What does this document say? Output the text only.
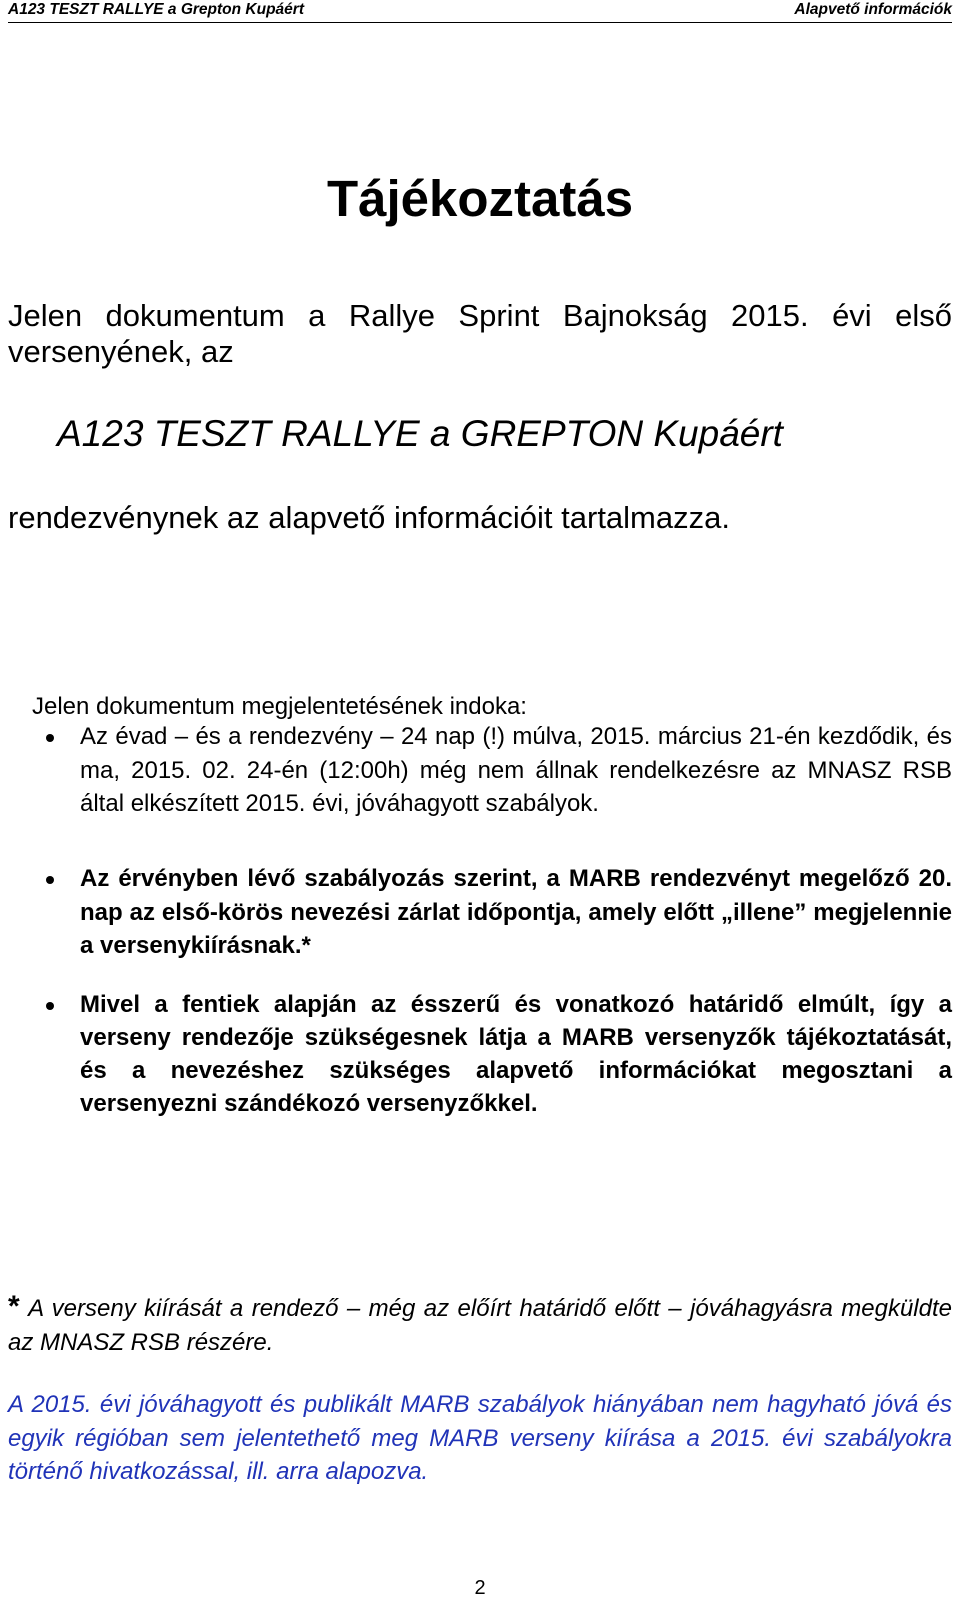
A123 TESZT RALLYE a Grepton Kupáért	Alapvető információk
Tájékoztatás
Jelen dokumentum a Rallye Sprint Bajnokság 2015. évi első versenyének, az
A123 TESZT RALLYE a GREPTON Kupáért
rendezvénynek az alapvető információit tartalmazza.
Jelen dokumentum megjelentetésének indoka:
Az évad – és a rendezvény – 24 nap (!) múlva, 2015. március 21-én kezdődik, és ma, 2015. 02. 24-én (12:00h) még nem állnak rendelkezésre az MNASZ RSB által elkészített 2015. évi, jóváhagyott szabályok.
Az érvényben lévő szabályozás szerint, a MARB rendezvényt megelőző 20. nap az első-körös nevezési zárlat időpontja, amely előtt „illene” megjelennie a versenykiírásnak.*
Mivel a fentiek alapján az ésszerű és vonatkozó határidő elmúlt, így a verseny rendezője szükségesnek látja a MARB versenyzők tájékoztatását, és a nevezéshez szükséges alapvető információkat megosztani a versenyezni szándékozó versenyzőkkel.
* A verseny kiírását a rendező – még az előírt határidő előtt – jóváhagyásra megküldte az MNASZ RSB részére.
A 2015. évi jóváhagyott és publikált MARB szabályok hiányában nem hagyható jóvá és egyik régióban sem jelentethető meg MARB verseny kiírása a 2015. évi szabályokra történő hivatkozással, ill. arra alapozva.
2
